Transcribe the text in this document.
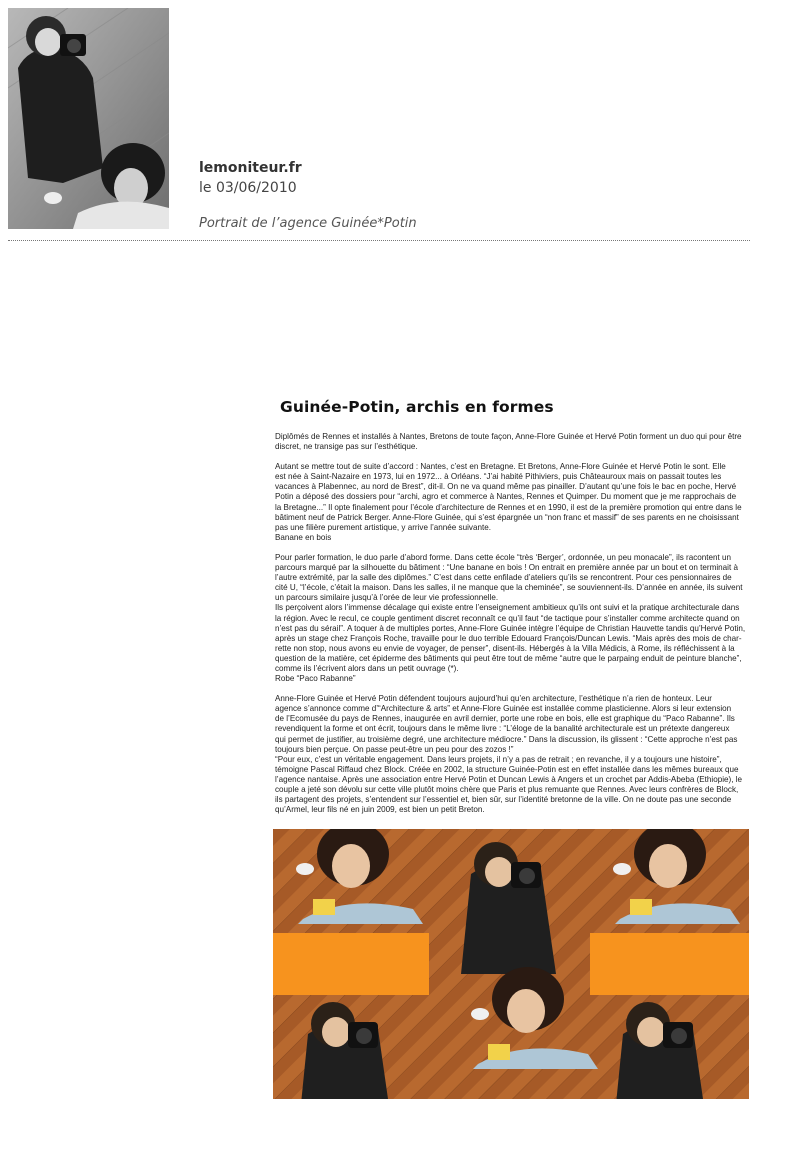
lemoniteur.fr
le 03/06/2010
Portrait de l’agence Guinée*Potin
Guinée-Potin, archis en formes

Diplômés de Rennes et installés à Nantes, Bretons de toute façon, Anne-Flore Guinée et Hervé Potin forment un duo qui pour être
discret, ne transige pas sur l’esthétique.

Autant se mettre tout de suite d’accord : Nantes, c’est en Bretagne. Et Bretons, Anne-Flore Guinée et Hervé Potin le sont. Elle
est née à Saint-Nazaire en 1973, lui en 1972... à Orléans. “J’ai habité Pithiviers, puis Châteauroux mais on passait toutes les
vacances à Plabennec, au nord de Brest”, dit-il. On ne va quand même pas pinailler. D’autant qu’une fois le bac en poche, Hervé
Potin a déposé des dossiers pour “archi, agro et commerce à Nantes, Rennes et Quimper. Du moment que je me rapprochais de
la Bretagne...” Il opte finalement pour l’école d’architecture de Rennes et en 1990, il est de la première promotion qui entre dans le
bâtiment neuf de Patrick Berger. Anne-Flore Guinée, qui s’est épargnée un “non franc et massif” de ses parents en ne choisissant
pas une filière purement artistique, y arrive l’année suivante.
Banane en bois

Pour parler formation, le duo parle d’abord forme. Dans cette école “très ‘Berger’, ordonnée, un peu monacale”, ils racontent un
parcours marqué par la silhouette du bâtiment : “Une banane en bois ! On entrait en première année par un bout et on terminait à
l’autre extrémité, par la salle des diplômes.” C’est dans cette enfilade d’ateliers qu’ils se rencontrent. Pour ces pensionnaires de
cité U, “l’école, c’était la maison. Dans les salles, il ne manque que la cheminée”, se souviennent-ils. D’année en année, ils suivent
un parcours similaire jusqu’à l’orée de leur vie professionnelle.
Ils perçoivent alors l’immense décalage qui existe entre l’enseignement ambitieux qu’ils ont suivi et la pratique architecturale dans
la région. Avec le recul, ce couple gentiment discret reconnaît ce qu’il faut “de tactique pour s’installer comme architecte quand on
n’est pas du sérail”. A toquer à de multiples portes, Anne-Flore Guinée intègre l’équipe de Christian Hauvette tandis qu’Hervé Potin,
après un stage chez François Roche, travaille pour le duo terrible Edouard François/Duncan Lewis. “Mais après des mois de char-
rette non stop, nous avons eu envie de voyager, de penser”, disent-ils. Hébergés à la Villa Médicis, à Rome, ils réfléchissent à la
question de la matière, cet épiderme des bâtiments qui peut être tout de même “autre que le parpaing enduit de peinture blanche”,
comme ils l’écrivent alors dans un petit ouvrage (*).
Robe “Paco Rabanne”

Anne-Flore Guinée et Hervé Potin défendent toujours aujourd’hui qu’en architecture, l’esthétique n’a rien de honteux. Leur
agence s’annonce comme d’“Architecture & arts” et Anne-Flore Guinée est installée comme plasticienne. Alors si leur extension
de l’Ecomusée du pays de Rennes, inaugurée en avril dernier, porte une robe en bois, elle est graphique du “Paco Rabanne”. Ils
revendiquent la forme et ont écrit, toujours dans le même livre : “L’éloge de la banalité architecturale est un prétexte dangereux
qui permet de justifier, au troisième degré, une architecture médiocre.” Dans la discussion, ils glissent : “Cette approche n’est pas
toujours bien perçue. On passe peut-être un peu pour des zozos !”
“Pour eux, c’est un véritable engagement. Dans leurs projets, il n’y a pas de retrait ; en revanche, il y a toujours une histoire”,
témoigne Pascal Riffaud chez Block. Créée en 2002, la structure Guinée-Potin est en effet installée dans les mêmes bureaux que
l’agence nantaise. Après une association entre Hervé Potin et Duncan Lewis à Angers et un crochet par Addis-Abeba (Ethiopie), le
couple a jeté son dévolu sur cette ville plutôt moins chère que Paris et plus remuante que Rennes. Avec leurs confrères de Block,
ils partagent des projets, s’entendent sur l’essentiel et, bien sûr, sur l’identité bretonne de la ville. On ne doute pas une seconde
qu’Armel, leur fils né en juin 2009, est bien un petit Breton.
